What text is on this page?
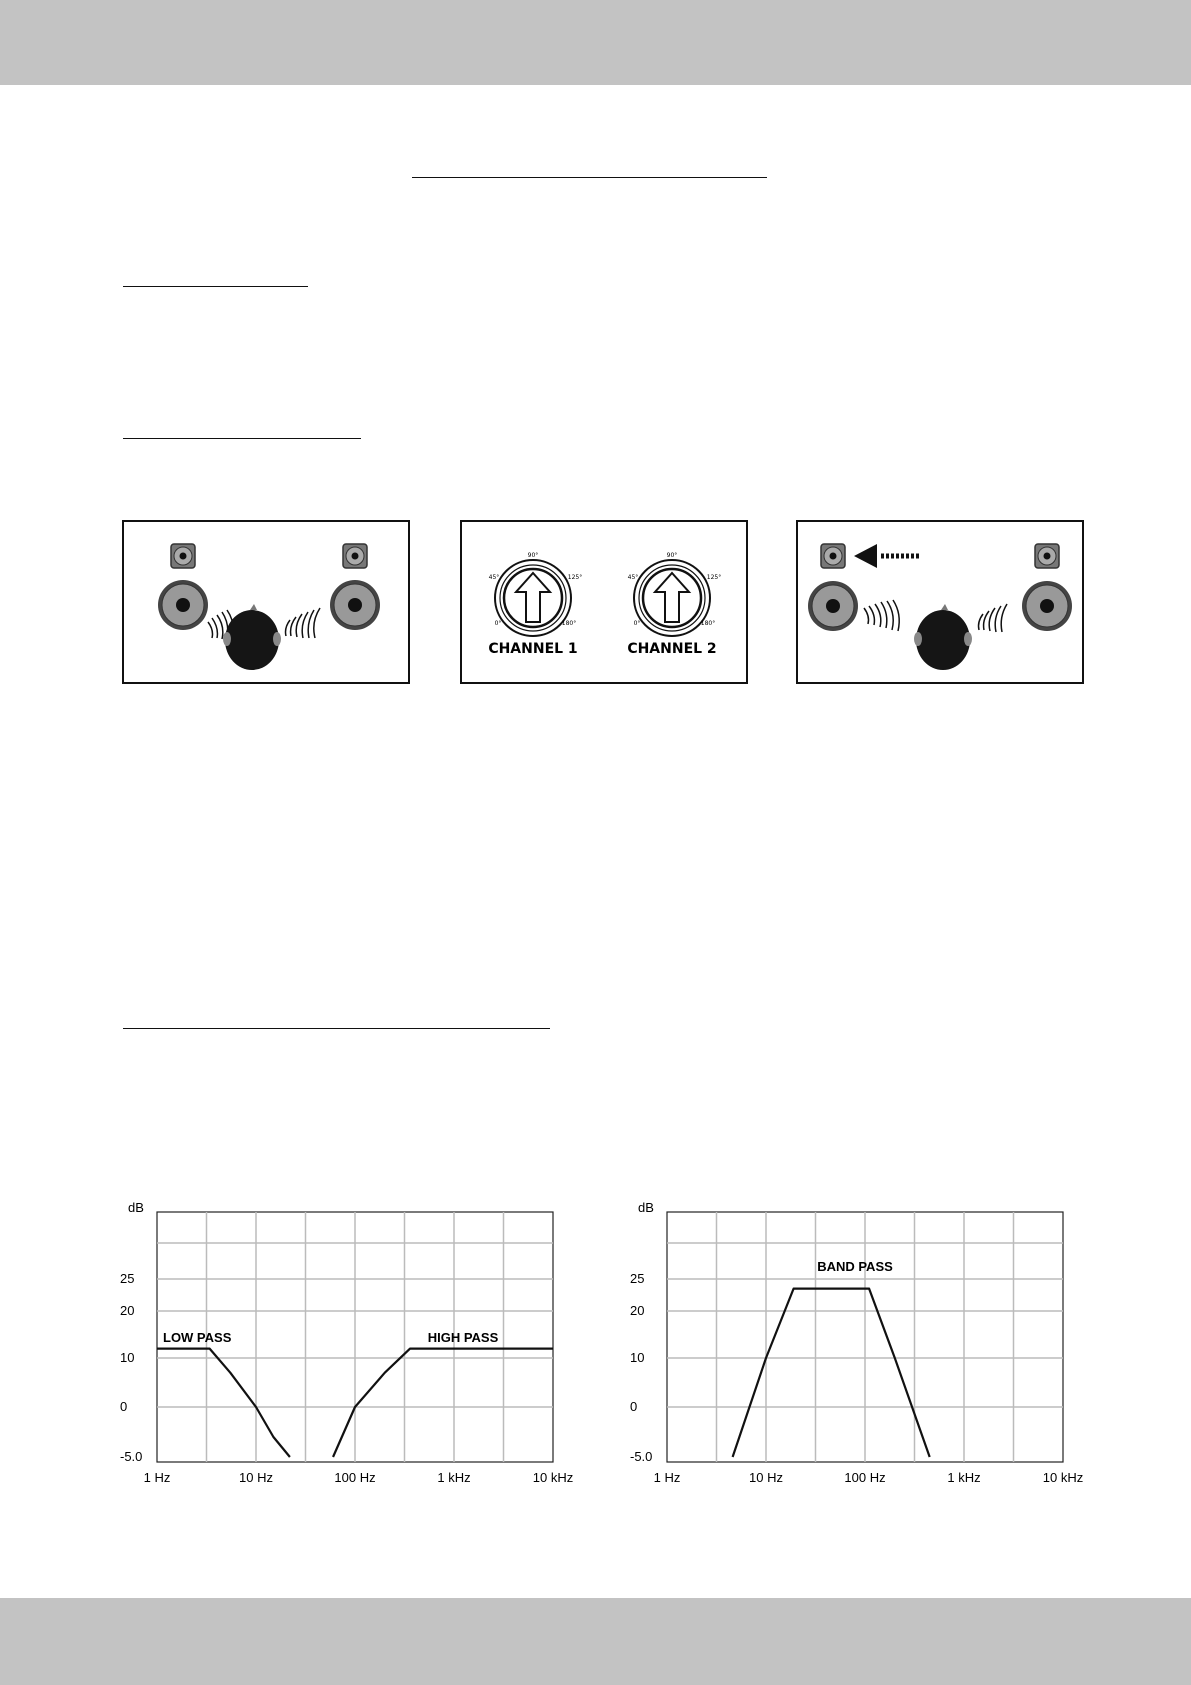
90°
45°	125°
0°	180°
CHANNEL 1
90°
45°	125°
0°	180°
CHANNEL 2
dB
25
20
10
0
-5.0
1 Hz	10 Hz	100 Hz	1 kHz	10 kHz
LOW PASS	HIGH PASS
dB
25
20
10
0
-5.0
1 Hz	10 Hz	100 Hz	1 kHz	10 kHz
BAND PASS
